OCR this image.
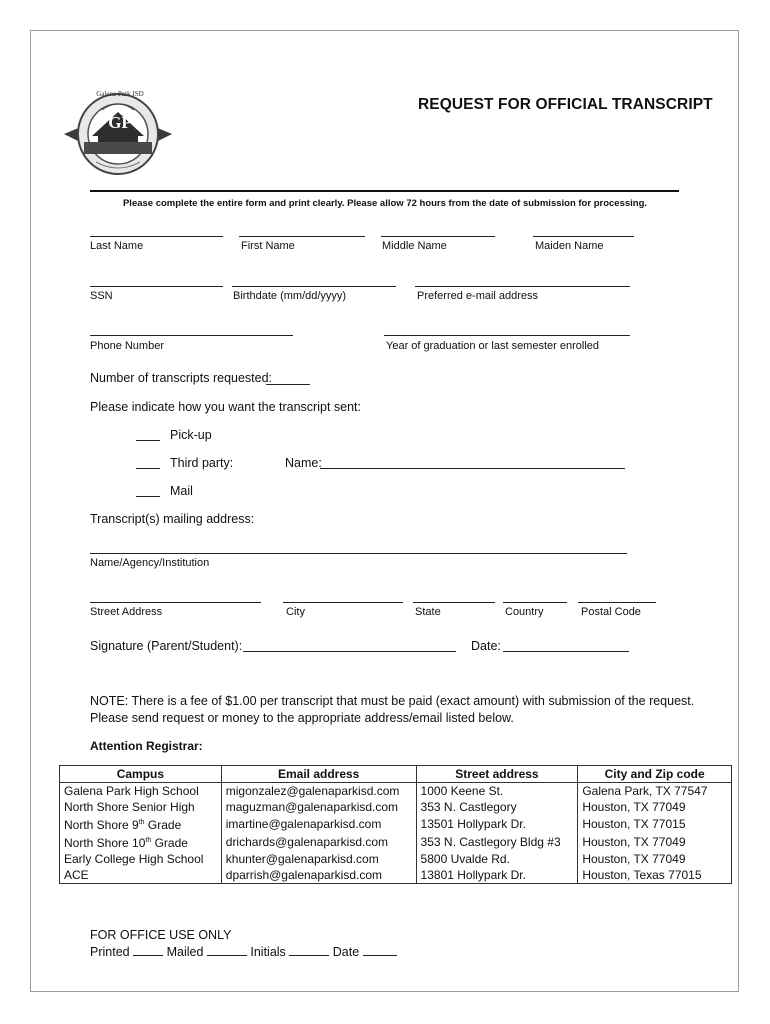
Galena Park ISD
GP
ALWAYS GROWING, ALWAYS AHEAD
REQUEST FOR OFFICIAL TRANSCRIPT
Please complete the entire form and print clearly. Please allow 72 hours from the date of submission for processing.
Last Name	First Name	Middle Name	Maiden Name
SSN	Birthdate (mm/dd/yyyy)	Preferred e-mail address
Phone Number	Year of graduation or last semester enrolled
Number of transcripts requested:
Please indicate how you want the transcript sent:
Pick-up
Third party:	Name:
Mail
Transcript(s) mailing address:
Name/Agency/Institution
Street Address	City	State	Country	Postal Code
Signature (Parent/Student):	Date:
NOTE: There is a fee of $1.00 per transcript that must be paid (exact amount) with submission of the request.
Please send request or money to the appropriate address/email listed below.
Attention Registrar:
Campus	Email address	Street address	City and Zip code
Galena Park High School	migonzalez@galenaparkisd.com	1000 Keene St.	Galena Park, TX 77547
North Shore Senior High	maguzman@galenaparkisd.com	353 N. Castlegory	Houston, TX 77049
North Shore 9th Grade	imartine@galenaparkisd.com	13501 Hollypark Dr.	Houston, TX 77015
North Shore 10th Grade	drichards@galenaparkisd.com	353 N. Castlegory Bldg #3	Houston, TX 77049
Early College High School	khunter@galenaparkisd.com	5800 Uvalde Rd.	Houston, TX 77049
ACE	dparrish@galenaparkisd.com	13801 Hollypark Dr.	Houston, Texas 77015
FOR OFFICE USE ONLY
Printed	Mailed	Initials	Date
